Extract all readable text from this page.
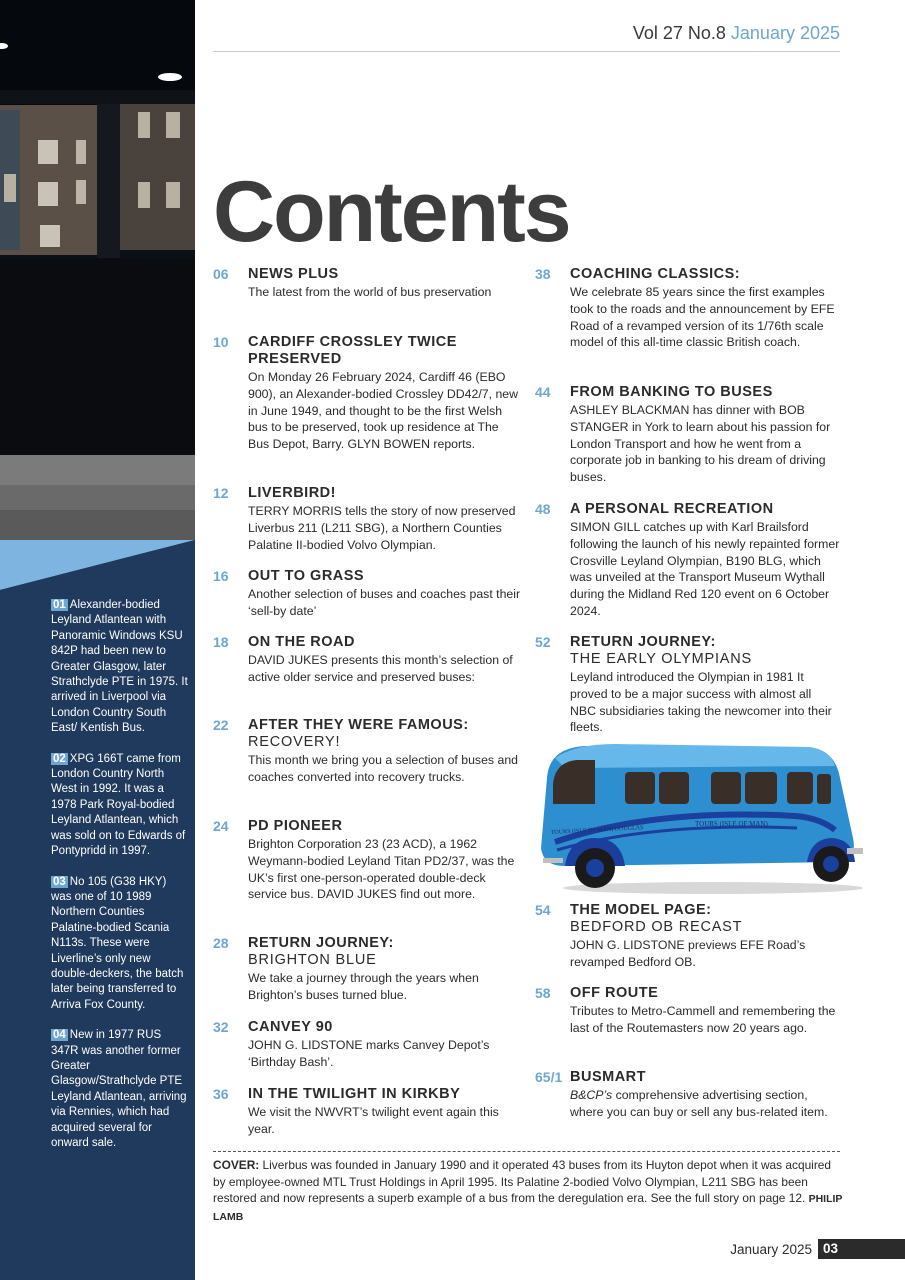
01 Alexander-bodied Leyland Atlantean with Panoramic Windows KSU 842P had been new to Greater Glasgow, later Strathclyde PTE in 1975. It arrived in Liverpool via London Country South East/ Kentish Bus.

02 XPG 166T came from London Country North West in 1992. It was a 1978 Park Royal-bodied Leyland Atlantean, which was sold on to Edwards of Pontypridd in 1997.

03 No 105 (G38 HKY) was one of 10 1989 Northern Counties Palatine-bodied Scania N113s. These were Liverline’s only new double-deckers, the batch later being transferred to Arriva Fox County.

04 New in 1977 RUS 347R was another former Greater Glasgow/Strathclyde PTE Leyland Atlantean, arriving via Rennies, which had acquired several for onward sale.

Vol 27 No.8 January 2025
Contents
06	NEWS PLUS
The latest from the world of bus preservation
10	CARDIFF CROSSLEY TWICE PRESERVED
On Monday 26 February 2024, Cardiff 46 (EBO 900), an Alexander-bodied Crossley DD42/7, new in June 1949, and thought to be the first Welsh bus to be preserved, took up residence at The Bus Depot, Barry. GLYN BOWEN reports.
12	LIVERBIRD!
TERRY MORRIS tells the story of now preserved Liverbus 211 (L211 SBG), a Northern Counties Palatine II-bodied Volvo Olympian.
16	OUT TO GRASS
Another selection of buses and coaches past their ‘sell-by date’
18	ON THE ROAD
DAVID JUKES presents this month’s selection of active older service and preserved buses:
22	AFTER THEY WERE FAMOUS:
RECOVERY!
This month we bring you a selection of buses and coaches converted into recovery trucks.
24	PD PIONEER
Brighton Corporation 23 (23 ACD), a 1962 Weymann-bodied Leyland Titan PD2/37, was the UK’s first one-person-operated double-deck service bus. DAVID JUKES find out more.
28	RETURN JOURNEY:
BRIGHTON BLUE
We take a journey through the years when Brighton’s buses turned blue.
32	CANVEY 90
JOHN G. LIDSTONE marks Canvey Depot’s ‘Birthday Bash’.
36	IN THE TWILIGHT IN KIRKBY
We visit the NWVRT’s twilight event again this year.
38	COACHING CLASSICS:
We celebrate 85 years since the first examples took to the roads and the announcement by EFE Road of a revamped version of its 1/76th scale model of this all-time classic British coach.
44	FROM BANKING TO BUSES
ASHLEY BLACKMAN has dinner with BOB STANGER in York to learn about his passion for London Transport and how he went from a corporate job in banking to his dream of driving buses.
48	A PERSONAL RECREATION
SIMON GILL catches up with Karl Brailsford following the launch of his newly repainted former Crosville Leyland Olympian, B190 BLG, which was unveiled at the Transport Museum Wythall during the Midland Red 120 event on 6 October 2024.
52	RETURN JOURNEY:
THE EARLY OLYMPIANS
Leyland introduced the Olympian in 1981 It proved to be a major success with almost all NBC subsidiaries taking the newcomer into their fleets.
54	THE MODEL PAGE:
BEDFORD OB RECAST
JOHN G. LIDSTONE previews EFE Road’s revamped Bedford OB.
58	OFF ROUTE
Tributes to Metro-Cammell and remembering the last of the Routemasters now 20 years ago.
65/1 BUSMART
B&CP’s comprehensive advertising section, where you can buy or sell any bus-related item.
TOURS (ISLE OF MAN)
TOURS (ISLE OF MAN) DOUGLAS

COVER: Liverbus was founded in January 1990 and it operated 43 buses from its Huyton depot when it was acquired by employee-owned MTL Trust Holdings in April 1995. Its Palatine 2-bodied Volvo Olympian, L211 SBG has been restored and now represents a superb example of a bus from the deregulation era. See the full story on page 12. PHILIP LAMB

January 2025 03
